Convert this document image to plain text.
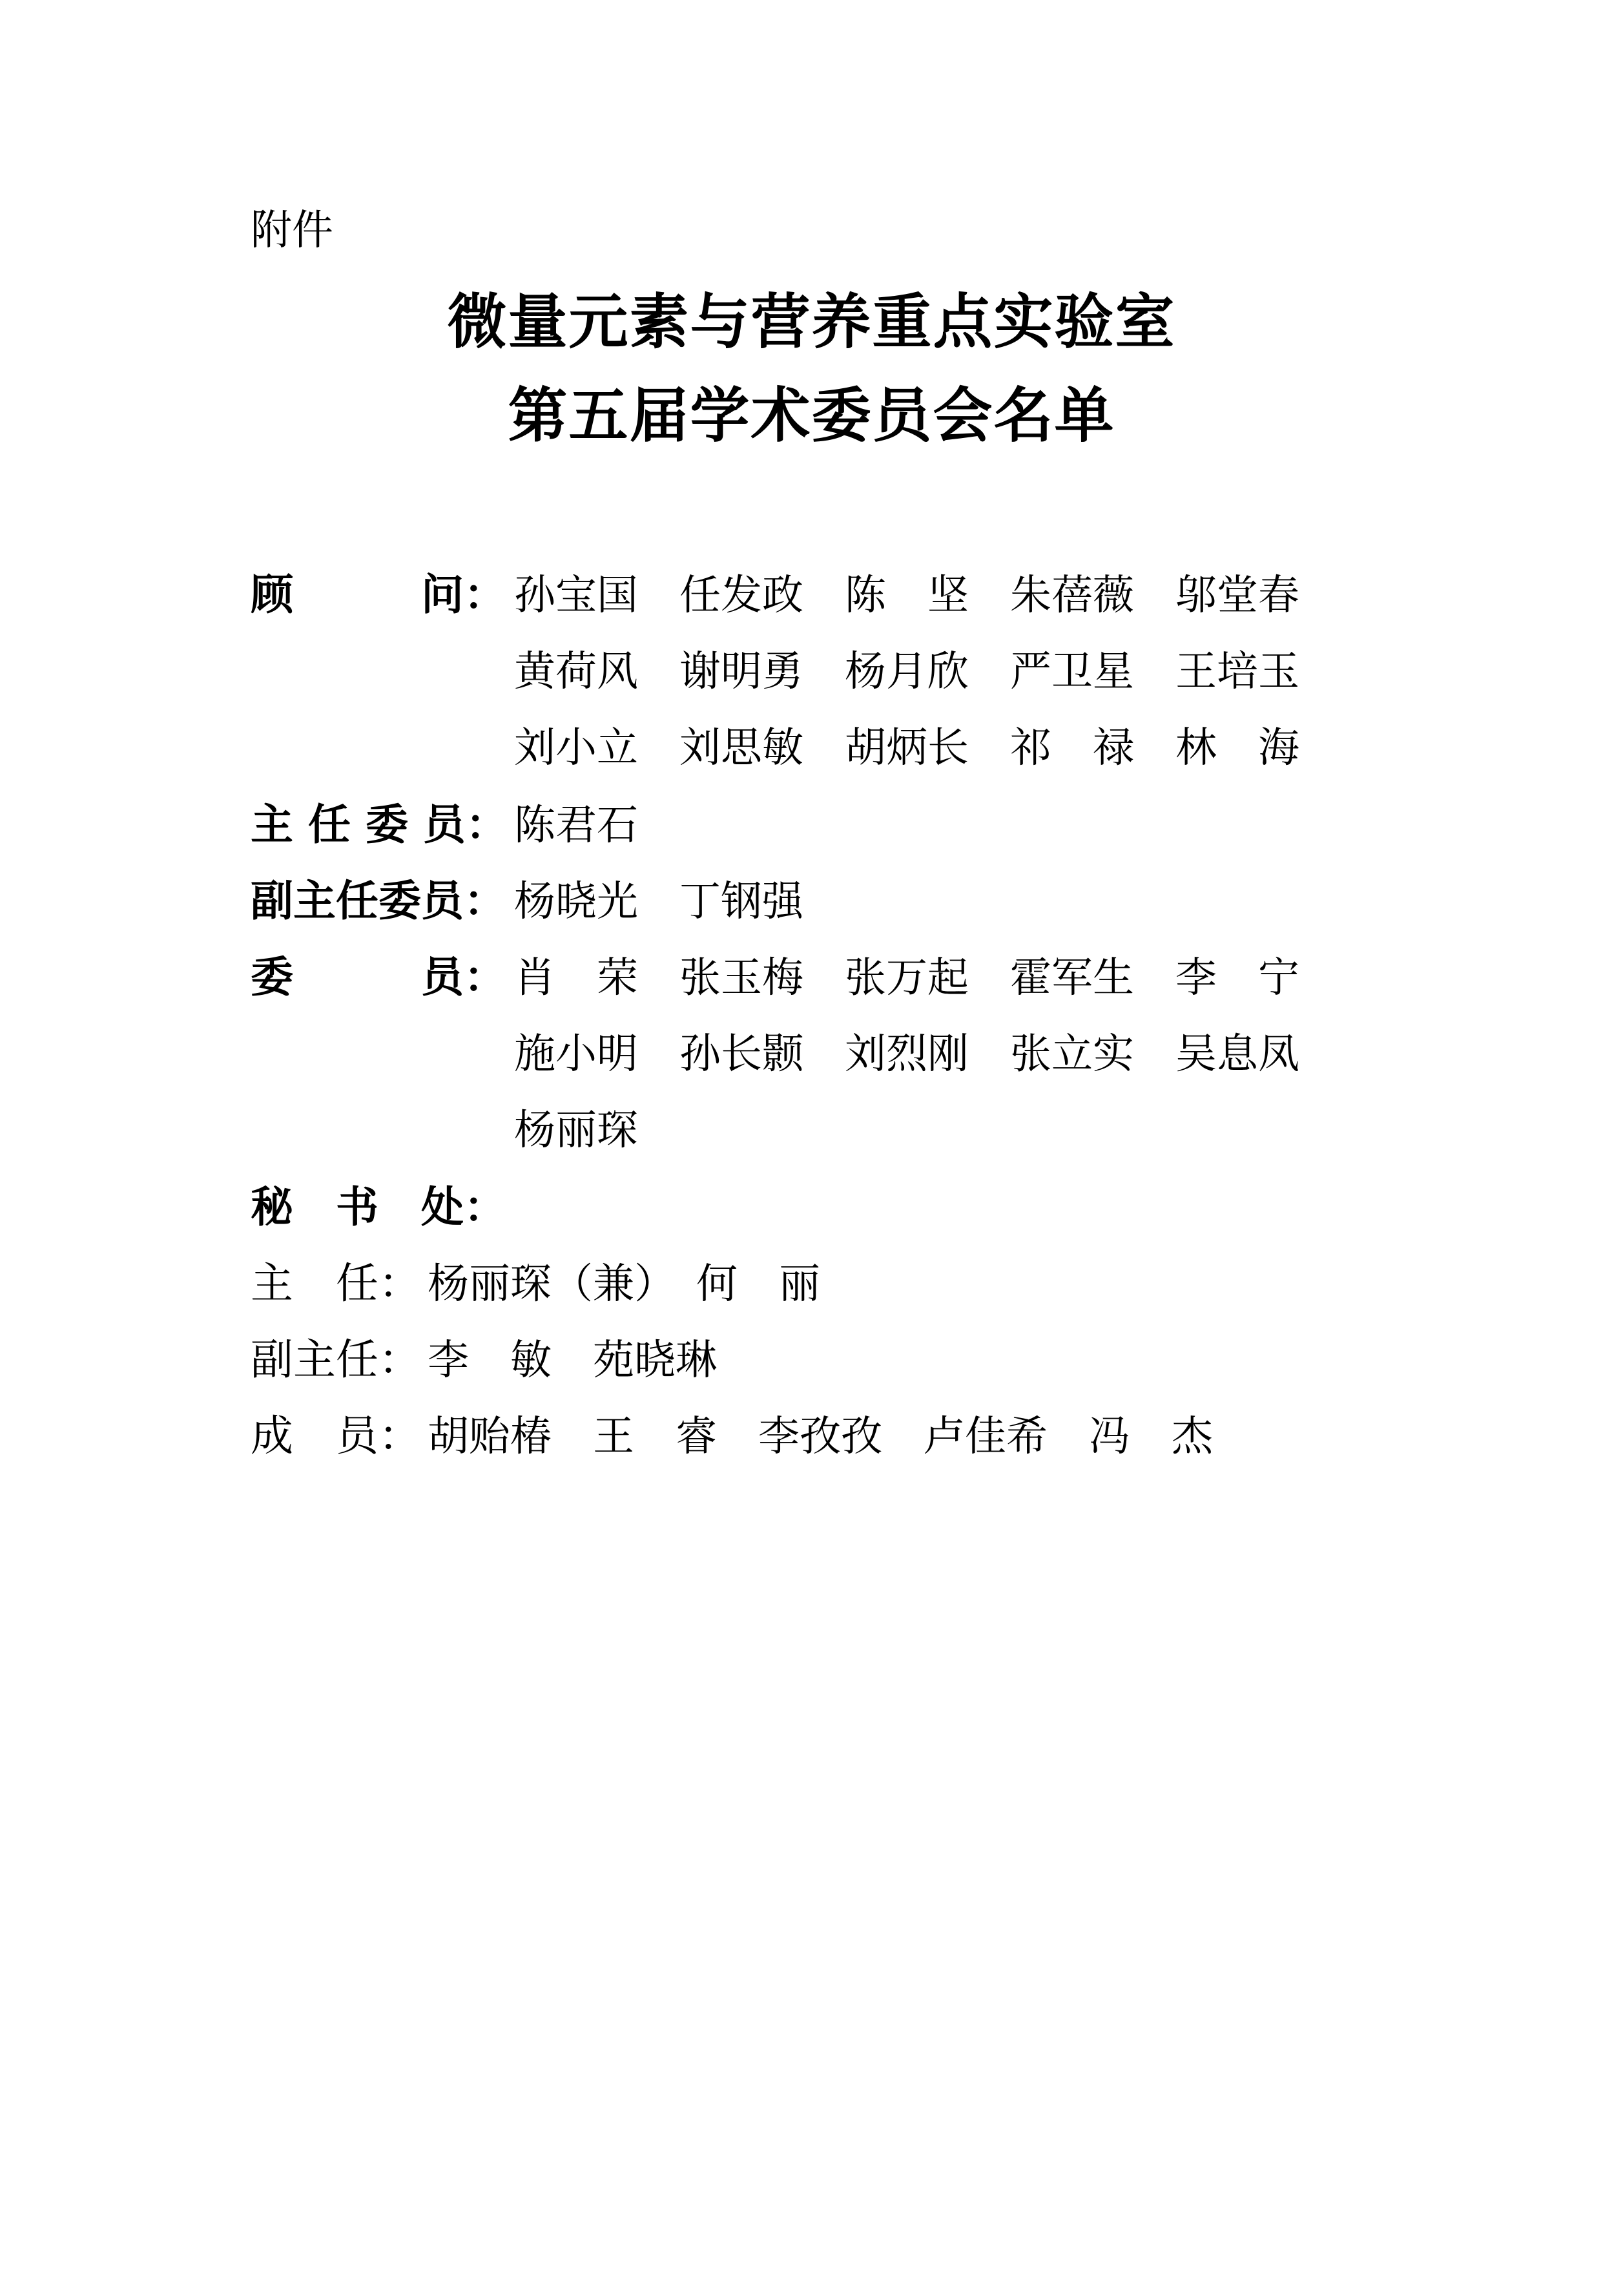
附件
微量元素与营养重点实验室
第五届学术委员会名单
顾　　　问： 孙宝国　任发政　陈　坚　朱蓓薇　邬堂春
黄荷风　谢明勇　杨月欣　严卫星　王培玉
刘小立　刘思敏　胡炳长　祁　禄　林　海
主 任 委 员： 陈君石
副主任委员： 杨晓光　丁钢强
委　　　员： 肖　荣　张玉梅　张万起　霍军生　李　宁
施小明　孙长颢　刘烈刚　张立实　吴息凤
杨丽琛
秘　书　处：
主　任： 杨丽琛（兼）　何　丽
副主任： 李　敏　苑晓琳
成　员： 胡贻椿　王　睿　李孜孜　卢佳希　冯　杰
